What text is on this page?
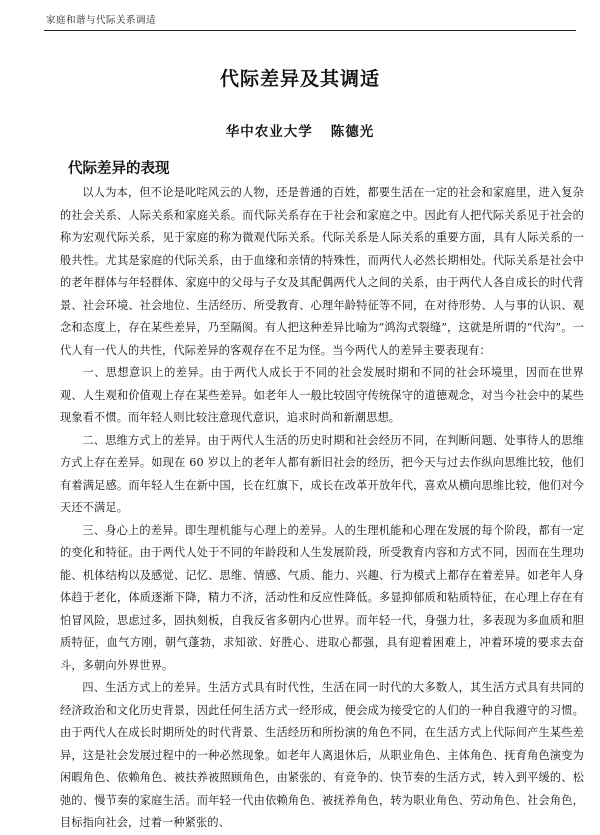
家庭和谐与代际关系调适
代际差异及其调适
华中农业大学 陈德光
代际差异的表现

以人为本，但不论是叱咤风云的人物，还是普通的百姓，都要生活在一定的社会和家庭里，进入复杂的社会关系、人际关系和家庭关系。而代际关系存在于社会和家庭之中。因此有人把代际关系见于社会的称为宏观代际关系，见于家庭的称为微观代际关系。代际关系是人际关系的重要方面，具有人际关系的一般共性。尤其是家庭的代际关系，由于血缘和亲情的特殊性，而两代人必然长期相处。代际关系是社会中的老年群体与年轻群体、家庭中的父母与子女及其配偶两代人之间的关系，由于两代人各自成长的时代背景、社会环境、社会地位、生活经历、所受教育、心理年龄特征等不同，在对待形势、人与事的认识、观念和态度上，存在某些差异，乃至隔阂。有人把这种差异比喻为“鸿沟式裂缝”，这就是所谓的“代沟”。一代人有一代人的共性，代际差异的客观存在不足为怪。当今两代人的差异主要表现有：

一、思想意识上的差异。由于两代人成长于不同的社会发展时期和不同的社会环境里，因而在世界观、人生观和价值观上存在某些差异。如老年人一般比较固守传统保守的道德观念，对当今社会中的某些现象看不惯。而年轻人则比较注意现代意识，追求时尚和新潮思想。

二、思维方式上的差异。由于两代人生活的历史时期和社会经历不同，在判断问题、处事待人的思维方式上存在差异。如现在 60 岁以上的老年人都有新旧社会的经历，把今天与过去作纵向思维比较，他们有着满足感。而年轻人生在新中国，长在红旗下，成长在改革开放年代，喜欢从横向思维比较，他们对今天还不满足。

三、身心上的差异。即生理机能与心理上的差异。人的生理机能和心理在发展的每个阶段，都有一定的变化和特征。由于两代人处于不同的年龄段和人生发展阶段，所受教育内容和方式不同，因而在生理功能、机体结构以及感觉、记忆、思维、情感、气质、能力、兴趣、行为模式上都存在着差异。如老年人身体趋于老化，体质逐渐下降，精力不济，活动性和反应性降低。多显抑郁质和粘质特征，在心理上存在有怕冒风险，思虑过多，固执刻板，自我反省多朝内心世界。而年轻一代，身强力壮，多表现为多血质和胆质特征，血气方刚，朝气蓬勃，求知欲、好胜心、进取心都强，具有迎着困难上，冲着环境的要求去奋斗，多朝向外界世界。

四、生活方式上的差异。生活方式具有时代性，生活在同一时代的大多数人，其生活方式具有共同的经济政治和文化历史背景，因此任何生活方式一经形成，便会成为接受它的人们的一种自我遵守的习惯。由于两代人在成长时期所处的时代背景、生活经历和所扮演的角色不同，在生活方式上代际间产生某些差异，这是社会发展过程中的一种必然现象。如老年人离退休后，从职业角色、主体角色、抚育角色演变为闲暇角色、依赖角色、被扶养被照顾角色，由紧张的、有竞争的、快节奏的生活方式，转入到平缓的、松弛的、慢节奏的家庭生活。而年轻一代由依赖角色、被抚养角色，转为职业角色、劳动角色、社会角色，目标指向社会，过着一种紧张的、
